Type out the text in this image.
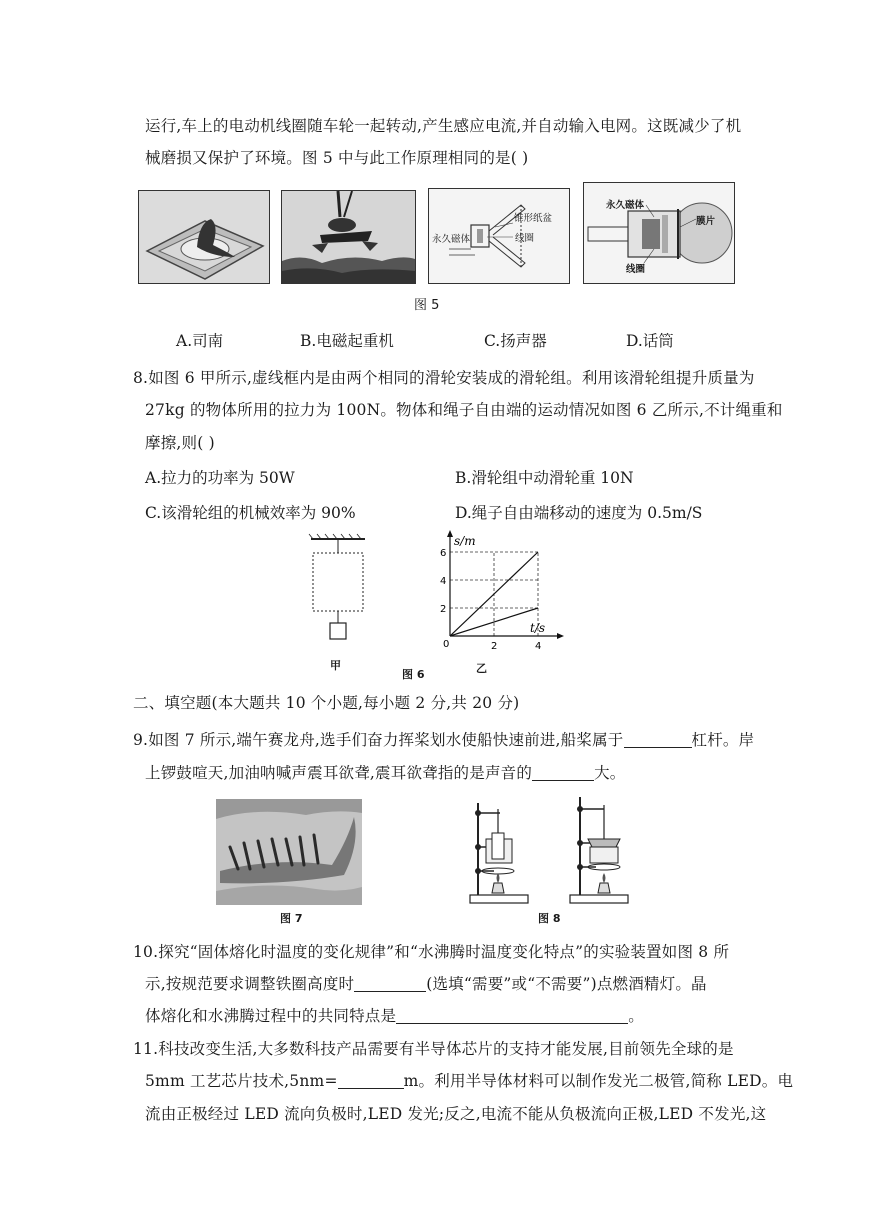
运行,车上的电动机线圈随车轮一起转动,产生感应电流,并自动输入电网。这既减少了机
械磨损又保护了环境。图 5 中与此工作原理相同的是( )
锥形纸盆
永久磁体	线圈
永久磁体
膜片
线圈
图 5
A.司南	B.电磁起重机	C.扬声器	D.话筒
8.如图 6 甲所示,虚线框内是由两个相同的滑轮安装成的滑轮组。利用该滑轮组提升质量为
27kg 的物体所用的拉力为 100N。物体和绳子自由端的运动情况如图 6 乙所示,不计绳重和
摩擦,则( )
A.拉力的功率为 50W	B.滑轮组中动滑轮重 10N
C.该滑轮组的机械效率为 90%	D.绳子自由端移动的速度为 0.5m/S
甲
2
4
6
2	4
s/m
t/s
0
乙
图 6
二、填空题(本大题共 10 个小题,每小题 2 分,共 20 分)
9.如图 7 所示,端午赛龙舟,选手们奋力挥桨划水使船快速前进,船桨属于	杠杆。岸
上锣鼓喧天,加油呐喊声震耳欲聋,震耳欲聋指的是声音的	大。
图 7	图 8
10.探究“固体熔化时温度的变化规律”和“水沸腾时温度变化特点”的实验装置如图 8 所
示,按规范要求调整铁圈高度时	(选填“需要”或“不需要”)点燃酒精灯。晶
体熔化和水沸腾过程中的共同特点是	。
11.科技改变生活,大多数科技产品需要有半导体芯片的支持才能发展,目前领先全球的是
5mm 工艺芯片技术,5nm=	m。利用半导体材料可以制作发光二极管,简称 LED。电
流由正极经过 LED 流向负极时,LED 发光;反之,电流不能从负极流向正极,LED 不发光,这
